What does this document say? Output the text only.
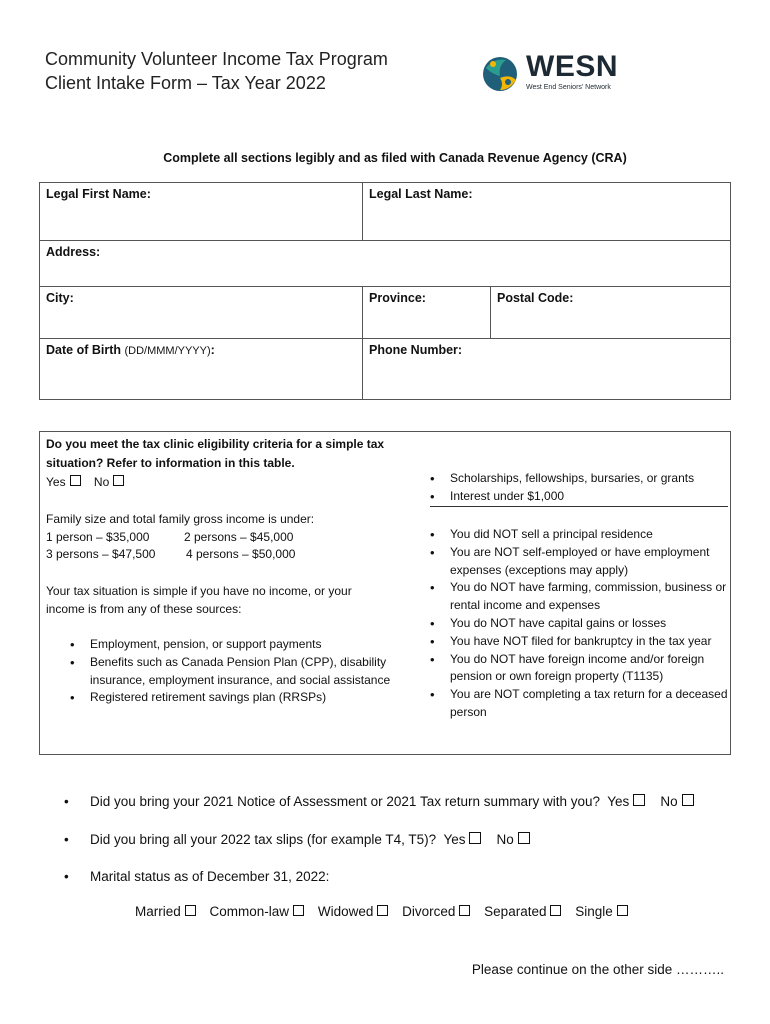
Community Volunteer Income Tax Program
Client Intake Form – Tax Year 2022	WESN
West End Seniors' Network
Complete all sections legibly and as filed with Canada Revenue Agency (CRA)
Legal First Name:	Legal Last Name:
Address:
City:	Province:	Postal Code:
Date of Birth (DD/MMM/YYYY):	Phone Number:
Do you meet the tax clinic eligibility criteria for a simple tax situation? Refer to information in this table.
Yes No
Family size and total family gross income is under:
1 person – $35,000	2 persons – $45,000
3 persons – $47,500	4 persons – $50,000
Your tax situation is simple if you have no income, or your income is from any of these sources:
• Employment, pension, or support payments
• Benefits such as Canada Pension Plan (CPP), disability insurance, employment insurance, and social assistance
• Registered retirement savings plan (RRSPs)
• Scholarships, fellowships, bursaries, or grants
• Interest under $1,000
• You did NOT sell a principal residence
• You are NOT self-employed or have employment expenses (exceptions may apply)
• You do NOT have farming, commission, business or rental income and expenses
• You do NOT have capital gains or losses
• You have NOT filed for bankruptcy in the tax year
• You do NOT have foreign income and/or foreign pension or own foreign property (T1135)
• You are NOT completing a tax return for a deceased person
• Did you bring your 2021 Notice of Assessment or 2021 Tax return summary with you? Yes No
• Did you bring all your 2022 tax slips (for example T4, T5)? Yes No
• Marital status as of December 31, 2022:
Married Common-law Widowed Divorced Separated Single
Please continue on the other side ………..
